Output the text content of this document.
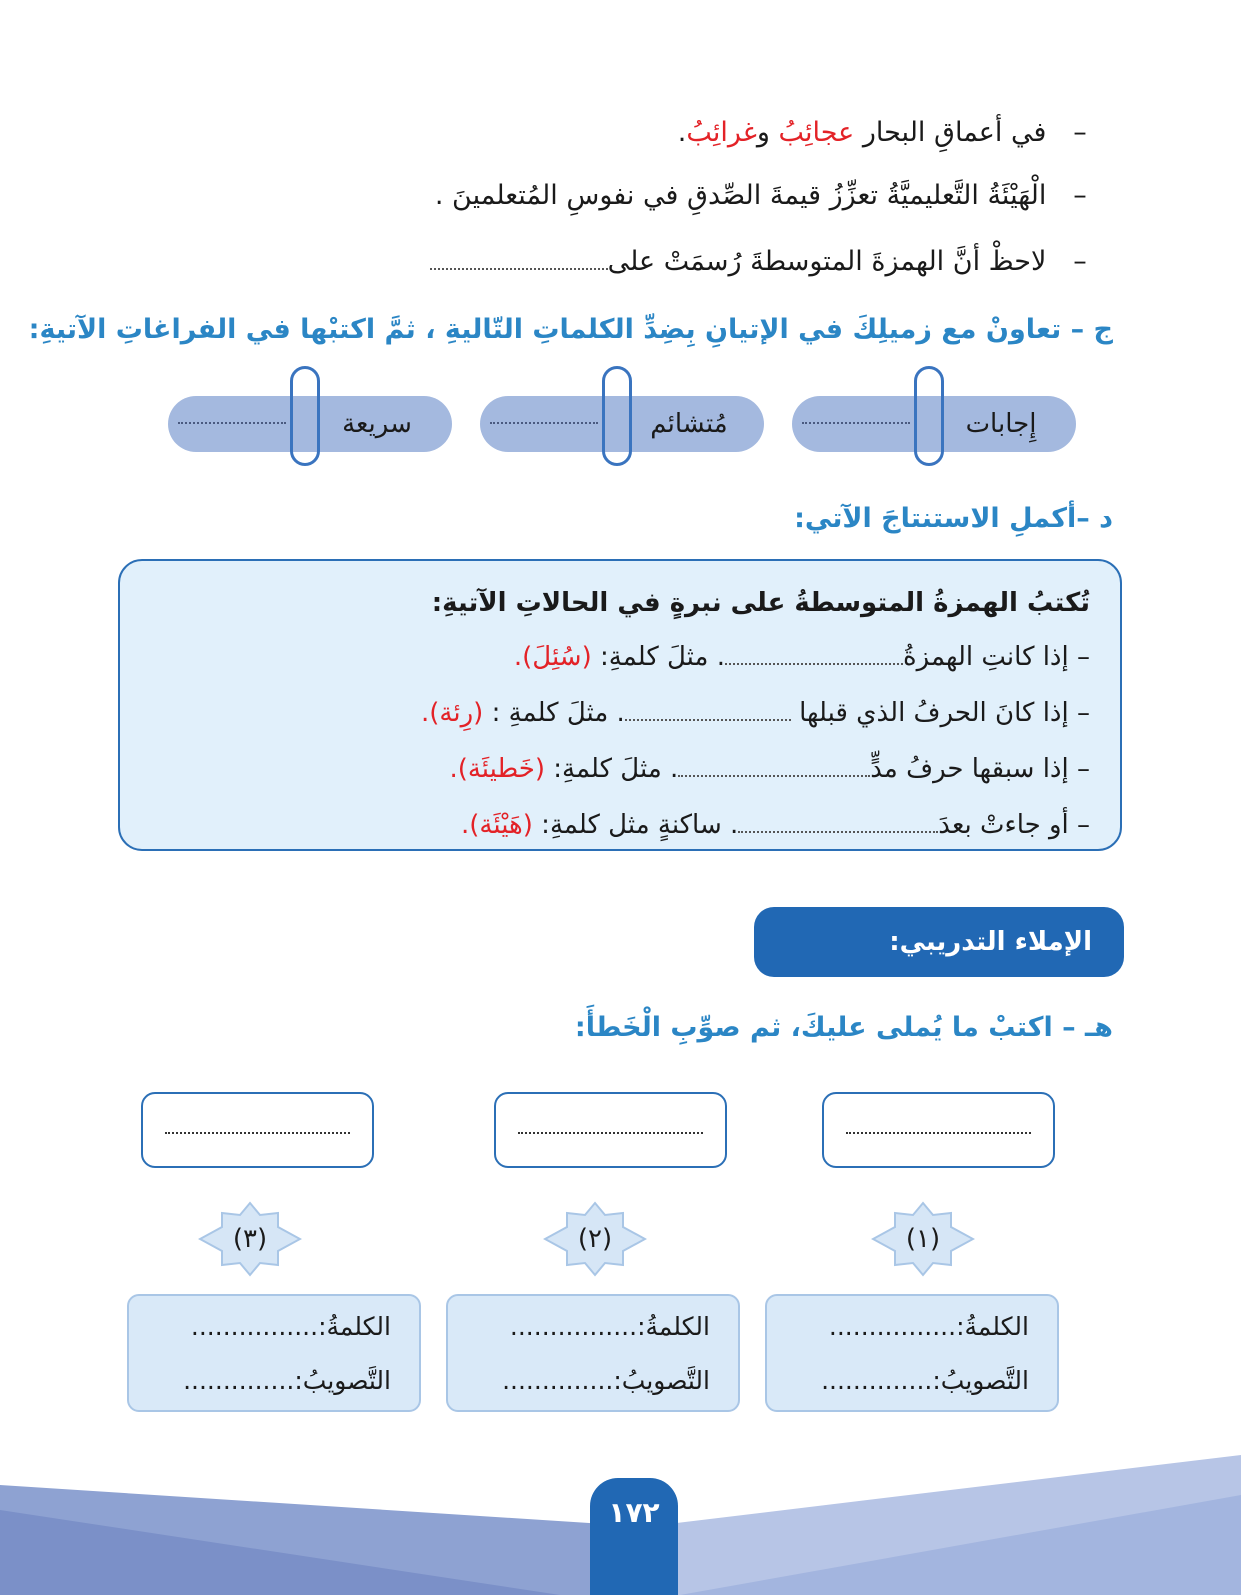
– في أعماقِ البحار عجائِبُ وغرائِبُ.
– الْهَيْئَةُ التَّعليميَّةُ تعزِّزُ قيمةَ الصِّدقِ في نفوسِ المُتعلمينَ .
– لاحظْ أنَّ الهمزةَ المتوسطةَ رُسمَتْ على
ج – تعاونْ مع زميلِكَ في الإتيانِ بِضِدِّ الكلماتِ التّاليةِ ، ثمَّ اكتبْها في الفراغاتِ الآتيةِ:
إِجابات
مُتشائم
سريعة
د –أكملِ الاستنتاجَ الآتي:
تُكتبُ الهمزةُ المتوسطةُ على نبرةٍ في الحالاتِ الآتيةِ:
– إذا كانتِ الهمزةُ. مثلَ كلمةِ: (سُئِلَ).
– إذا كانَ الحرفُ الذي قبلها . مثلَ كلمةِ : (رِئة).
– إذا سبقها حرفُ مدٍّ. مثلَ كلمةِ: (خَطيئَة).
– أو جاءتْ بعدَ. ساكنةٍ مثل كلمةِ: (هَيْئَة).
الإملاء التدريبي:
هـ – اكتبْ ما يُملى عليكَ، ثم صوِّبِ الْخَطأَ:
(١)
(٢)
(٣)
الكلمةُ:................
التَّصويبُ:..............
الكلمةُ:................
التَّصويبُ:..............
الكلمةُ:................
التَّصويبُ:..............
١٧٢
